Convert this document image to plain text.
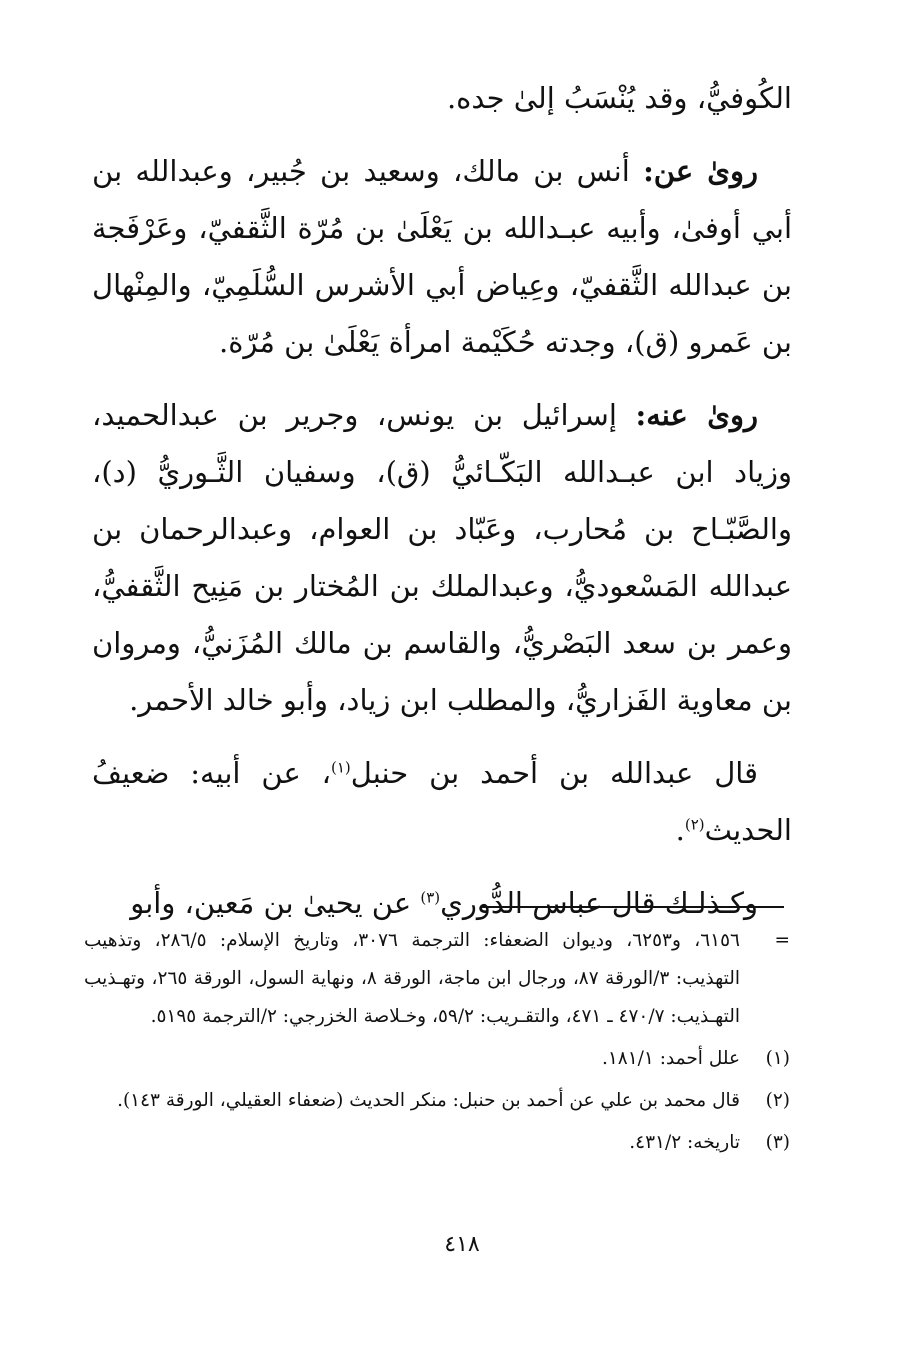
الكُوفيُّ، وقد يُنْسَبُ إلىٰ جده.

روىٰ عن: أنس بن مالك، وسعيد بن جُبير، وعبدالله بن أبي أوفىٰ، وأبيه عبـدالله بن يَعْلَىٰ بن مُرّة الثَّقفيّ، وعَرْفَجة بن عبدالله الثَّقفيّ، وعِياض أبي الأشرس السُّلَمِيّ، والمِنْهال بن عَمرو (ق)، وجدته حُكَيْمة امرأة يَعْلَىٰ بن مُرّة.

روىٰ عنه: إسرائيل بن يونس، وجرير بن عبدالحميد، وزياد ابن عبـدالله البَكّـائيُّ (ق)، وسفيان الثَّـوريُّ (د)، والصَّبّـاح بن مُحارب، وعَبّاد بن العوام، وعبدالرحمان بن عبدالله المَسْعوديُّ، وعبدالملك بن المُختار بن مَنِيح الثَّقفيُّ، وعمر بن سعد البَصْريُّ، والقاسم بن مالك المُزَنيُّ، ومروان بن معاوية الفَزاريُّ، والمطلب ابن زياد، وأبو خالد الأحمر.

قال عبدالله بن أحمد بن حنبل$^{(١)}$، عن أبيه: ضعيفُ الحديث$^{(٢)}$.

وكـذلـك قال عباس الدُّوري$^{(٣)}$ عن يحيىٰ بن مَعين، وأبو

=
٦١٥٦، و٦٢٥٣، وديوان الضعفاء: الترجمة ٣٠٧٦، وتاريخ الإسلام: ٢٨٦/٥، وتذهيب التهذيب: ٣/الورقة ٨٧، ورجال ابن ماجة، الورقة ٨، ونهاية السول، الورقة ٢٦٥، وتهـذيب التهـذيب: ٤٧٠/٧ ـ ٤٧١، والتقـريب: ٥٩/٢، وخـلاصة الخزرجي: ٢/الترجمة ٥١٩٥.
(١)
علل أحمد: ١٨١/١.
(٢)
قال محمد بن علي عن أحمد بن حنبل: منكر الحديث (ضعفاء العقيلي، الورقة ١٤٣).
(٣)
تاريخه: ٤٣١/٢.
٤١٨
